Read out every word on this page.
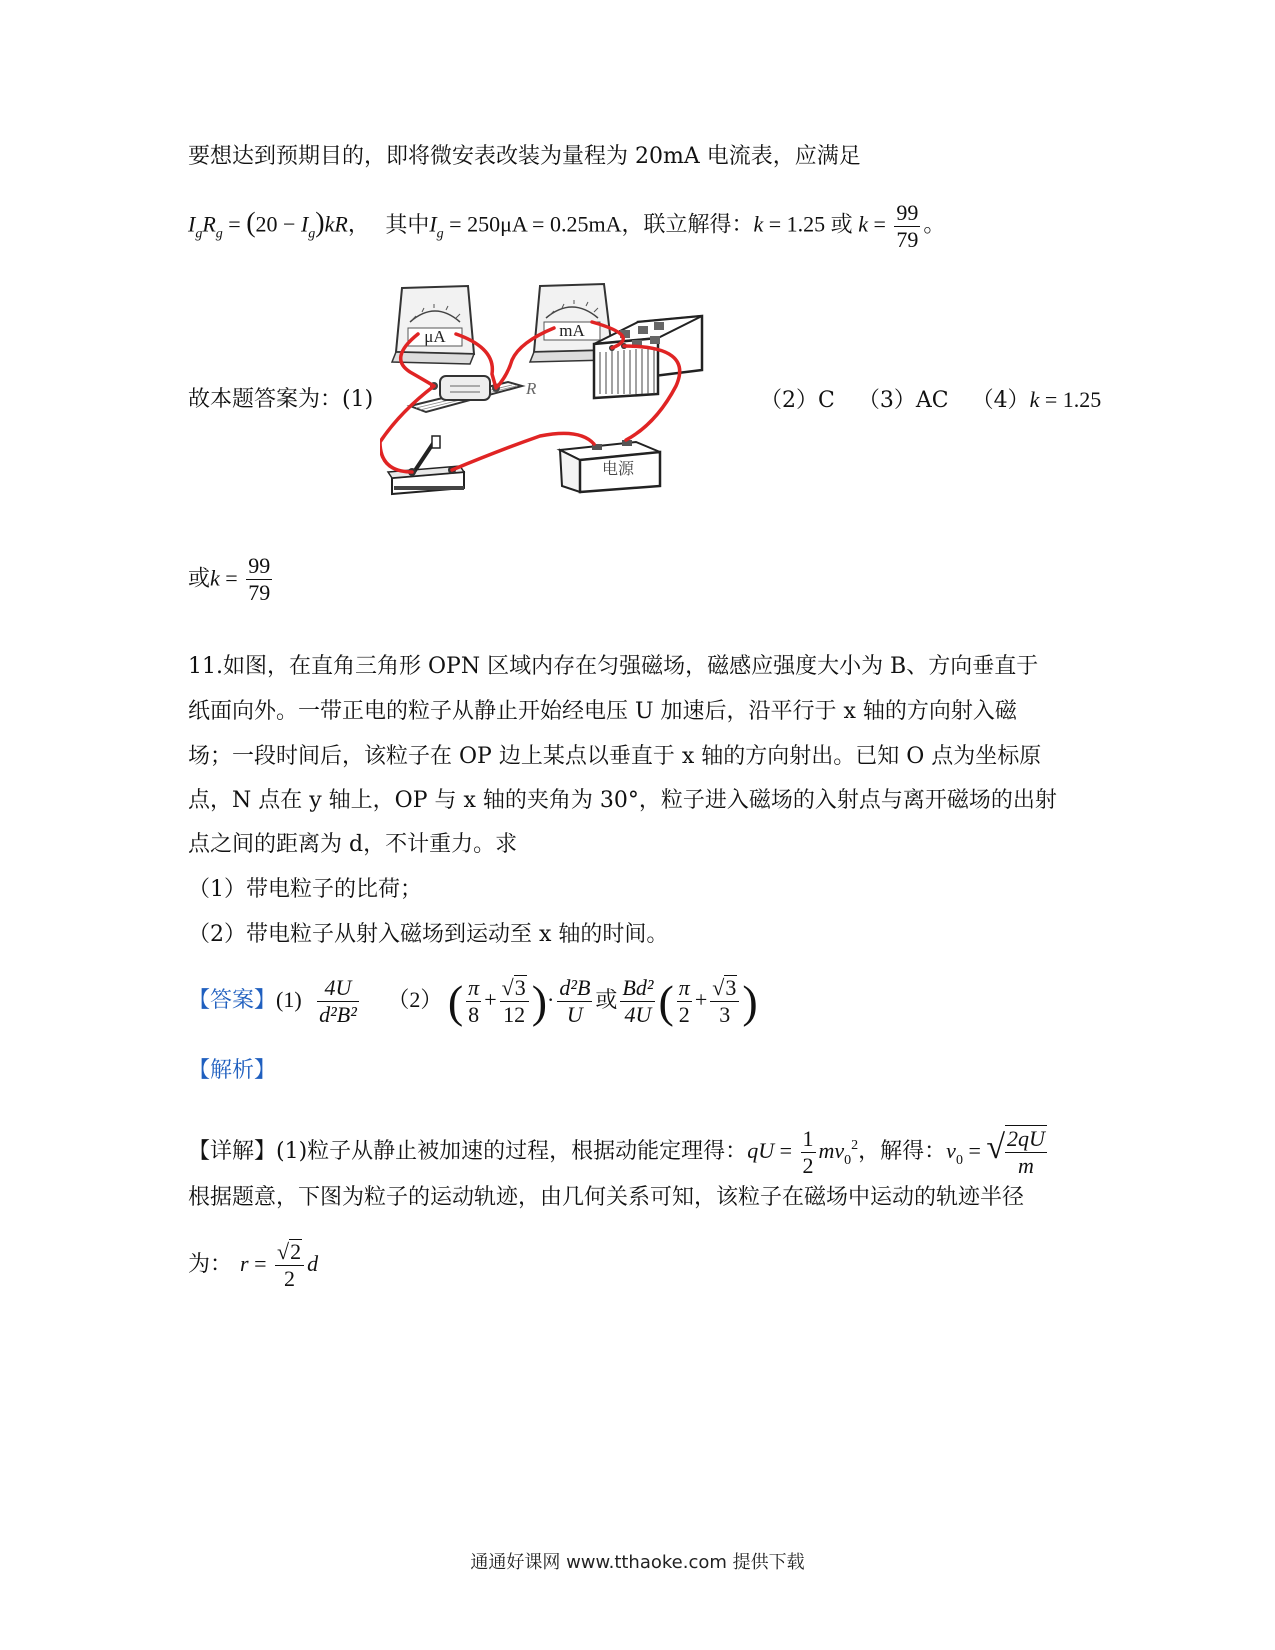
要想达到预期目的，即将微安表改装为量程为 20mA 电流表，应满足
$I_gR_g = (20 - I_g)kR$， 其中$I_g = 250\mu A = 0.25mA$，联立解得：k = 1.25 或 $k = \frac{99}{79}$ 。
故本题答案为：(1)	（2）C （3）AC （4）k = 1.25
μA	mA
R
电源
或$k = \frac{99}{79}$
11.如图，在直角三角形 OPN 区域内存在匀强磁场，磁感应强度大小为 B、方向垂直于
纸面向外。一带正电的粒子从静止开始经电压 U 加速后，沿平行于 x 轴的方向射入磁
场；一段时间后，该粒子在 OP 边上某点以垂直于 x 轴的方向射出。已知 O 点为坐标原
点，N 点在 y 轴上，OP 与 x 轴的夹角为 30°，粒子进入磁场的入射点与离开磁场的出射
点之间的距离为 d，不计重力。求
（1）带电粒子的比荷；
（2）带电粒子从射入磁场到运动至 x 轴的时间。
【答案】$(1) \frac{4U}{\text{d²B²}} (2)$ ( $\frac{\pi}{8} + \frac{√3}{12}$ )· $\frac{\text{d²B}}{U}$ 或 $\frac{\text{Bd²}}{4U}$ ( $\frac{\pi}{2} + \frac{√3}{3}$ )
【解析】
【详解】(1)粒子从静止被加速的过程，根据动能定理得：qU = $\frac{1}{2} mv_0^2$，解得：$v_0$ = √ $\frac{2qU}{m}$
根据题意，下图为粒子的运动轨迹，由几何关系可知，该粒子在磁场中运动的轨迹半径
为： $r = \frac{√2}{2}$ d
通通好课网 www.tthaoke.com 提供下载
